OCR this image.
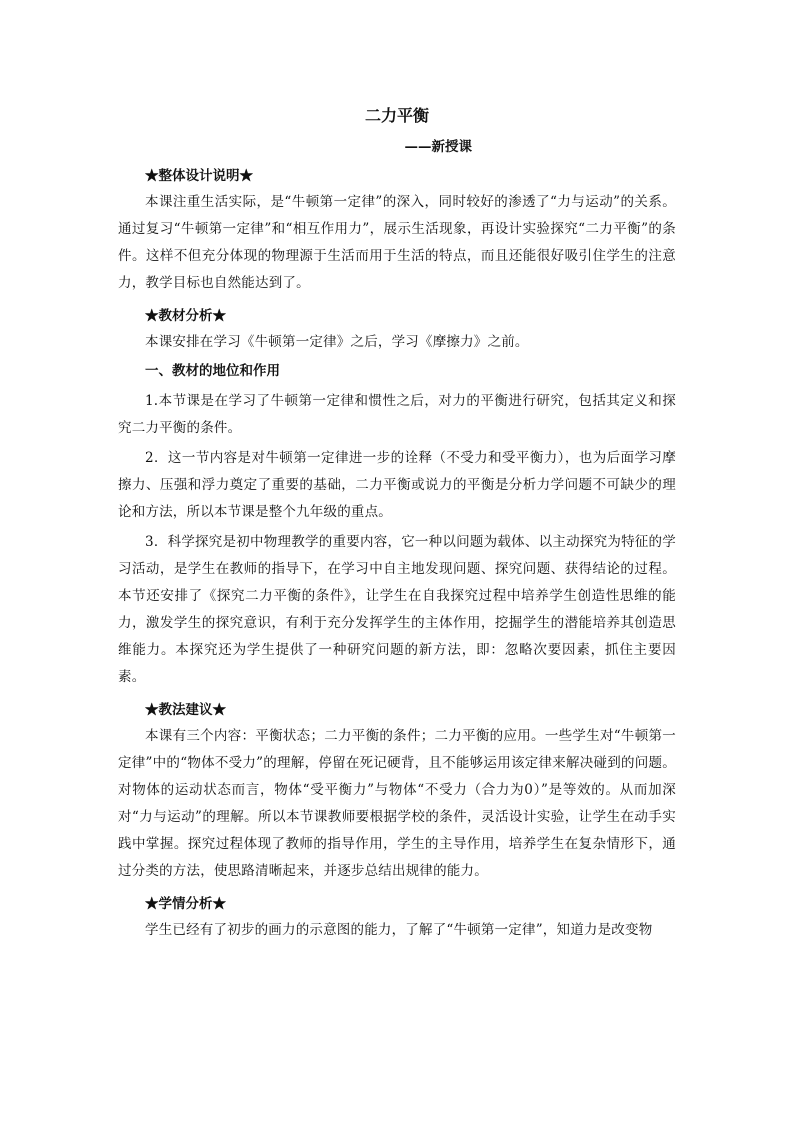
二力平衡

——新授课

★整体设计说明★

本课注重生活实际，是“牛顿第一定律”的深入，同时较好的渗透了“力与运动”的关系。通过复习“牛顿第一定律”和“相互作用力”，展示生活现象，再设计实验探究“二力平衡”的条件。这样不但充分体现的物理源于生活而用于生活的特点，而且还能很好吸引住学生的注意力，教学目标也自然能达到了。

★教材分析★

本课安排在学习《牛顿第一定律》之后，学习《摩擦力》之前。

一、教材的地位和作用

1.本节课是在学习了牛顿第一定律和惯性之后，对力的平衡进行研究，包括其定义和探究二力平衡的条件。

2．这一节内容是对牛顿第一定律进一步的诠释（不受力和受平衡力），也为后面学习摩擦力、压强和浮力奠定了重要的基础，二力平衡或说力的平衡是分析力学问题不可缺少的理论和方法，所以本节课是整个九年级的重点。

3．科学探究是初中物理教学的重要内容，它一种以问题为载体、以主动探究为特征的学习活动，是学生在教师的指导下，在学习中自主地发现问题、探究问题、获得结论的过程。本节还安排了《探究二力平衡的条件》，让学生在自我探究过程中培养学生创造性思维的能力，激发学生的探究意识，有利于充分发挥学生的主体作用，挖掘学生的潜能培养其创造思维能力。本探究还为学生提供了一种研究问题的新方法，即：忽略次要因素，抓住主要因素。

★教法建议★

本课有三个内容：平衡状态；二力平衡的条件；二力平衡的应用。一些学生对“牛顿第一定律”中的“物体不受力”的理解，停留在死记硬背，且不能够运用该定律来解决碰到的问题。对物体的运动状态而言，物体“受平衡力”与物体“不受力（合力为0）”是等效的。从而加深对“力与运动”的理解。所以本节课教师要根据学校的条件，灵活设计实验，让学生在动手实践中掌握。探究过程体现了教师的指导作用，学生的主导作用，培养学生在复杂情形下，通过分类的方法，使思路清晰起来，并逐步总结出规律的能力。

★学情分析★

学生已经有了初步的画力的示意图的能力，了解了“牛顿第一定律”，知道力是改变物
